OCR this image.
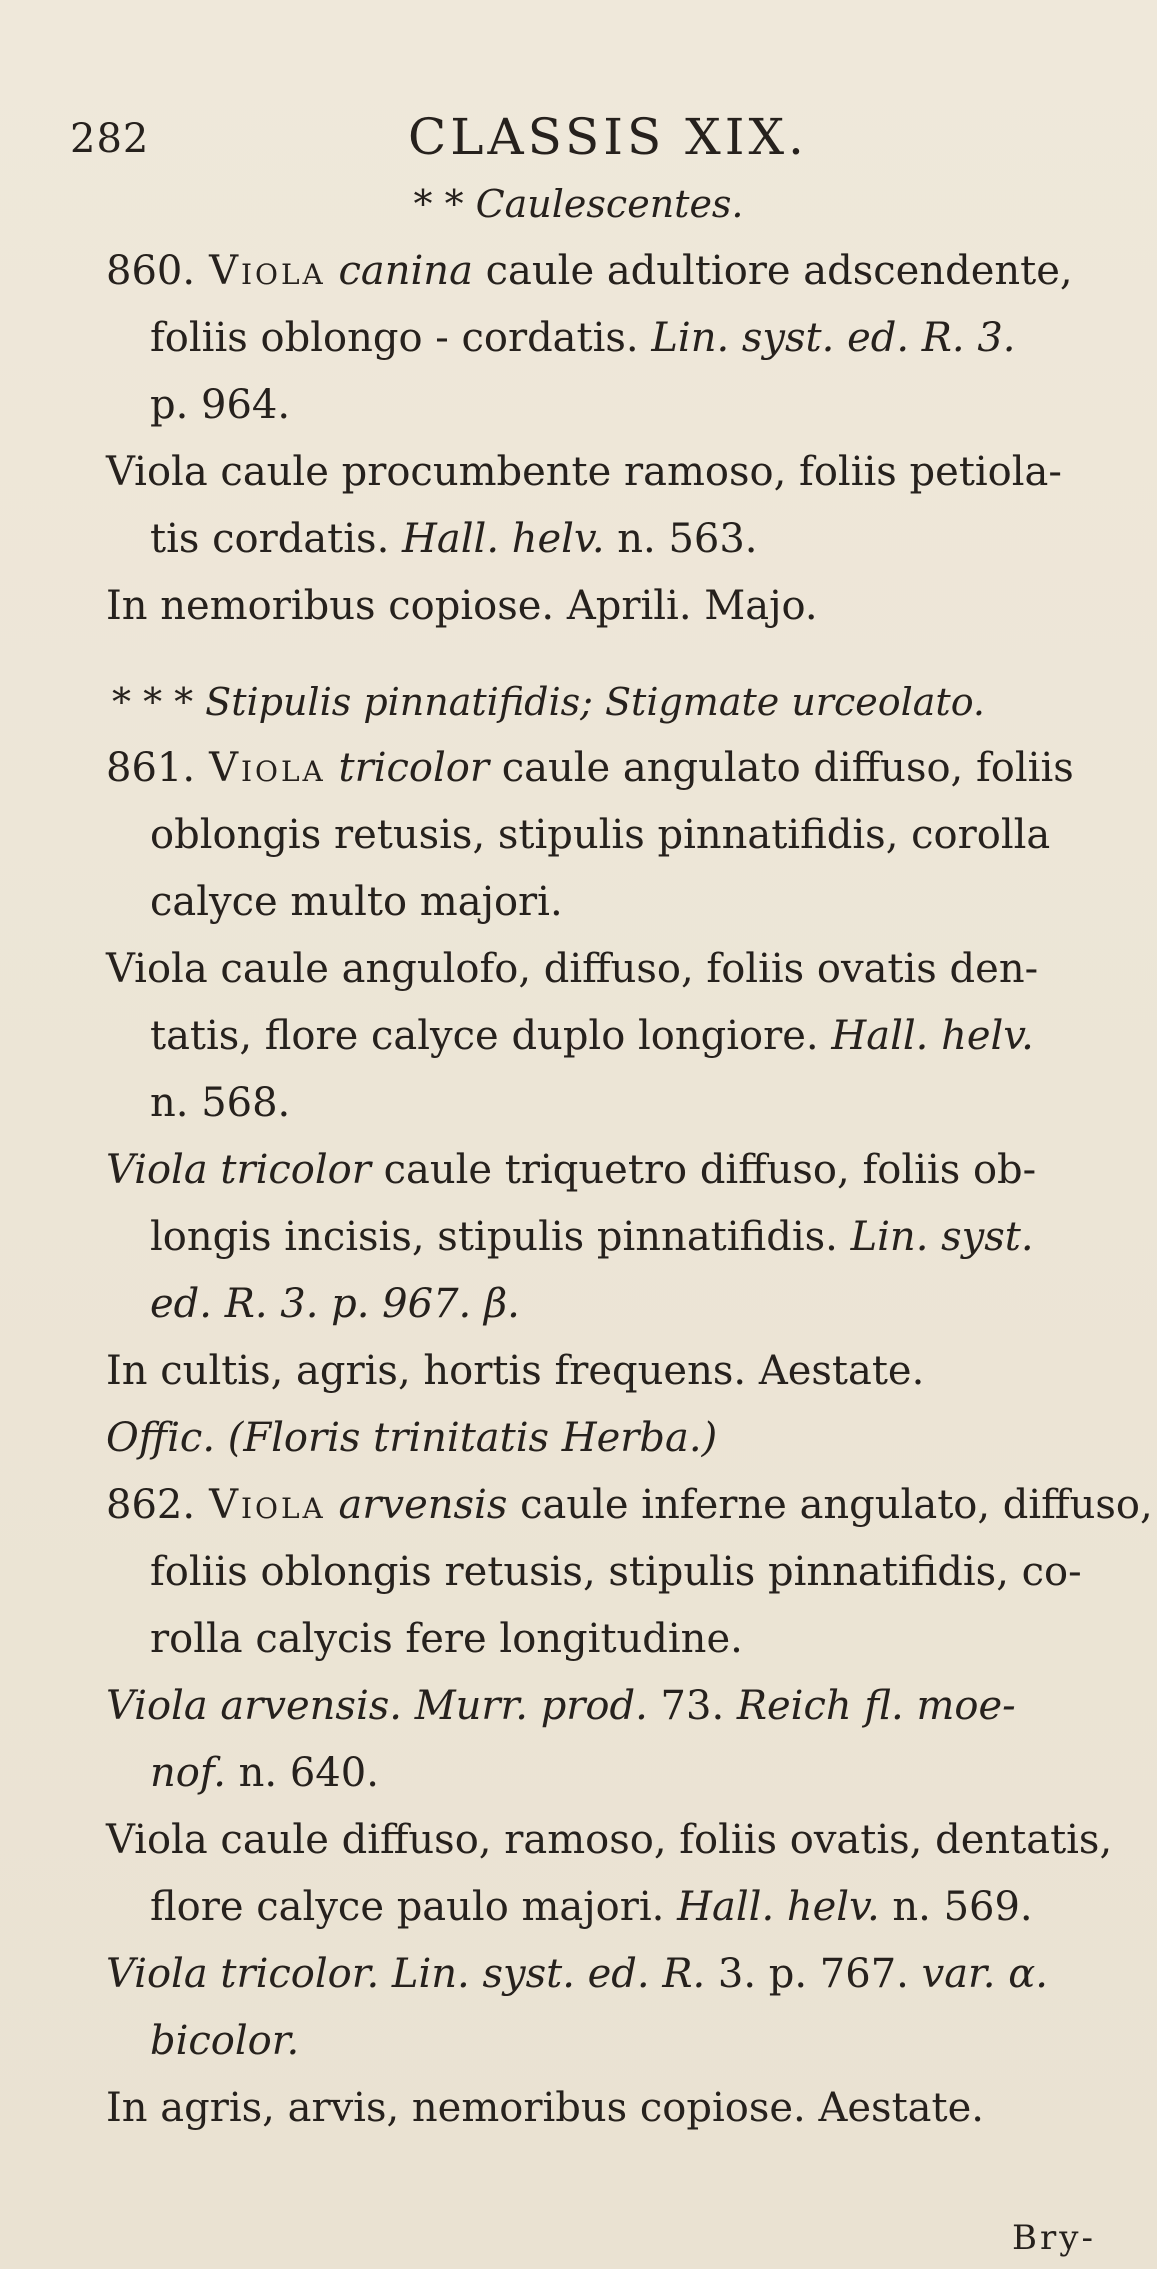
282	CLASSIS XIX.
* * Caulescentes.
860. Viola canina caule adultiore adscendente,
foliis oblongo - cordatis. Lin. syst. ed. R. 3.
p. 964.
Viola caule procumbente ramoso, foliis petiola-
tis cordatis. Hall. helv. n. 563.
In nemoribus copiose. Aprili. Majo.
* * * Stipulis pinnatifidis; Stigmate urceolato.
861. Viola tricolor caule angulato diffuso, foliis
oblongis retusis, stipulis pinnatifidis, corolla
calyce multo majori.
Viola caule angulofo, diffuso, foliis ovatis den-
tatis, flore calyce duplo longiore. Hall. helv.
n. 568.
Viola tricolor caule triquetro diffuso, foliis ob-
longis incisis, stipulis pinnatifidis. Lin. syst.
ed. R. 3. p. 967. β.
In cultis, agris, hortis frequens. Aestate.
Offic. (Floris trinitatis Herba.)
862. Viola arvensis caule inferne angulato, diffuso,
foliis oblongis retusis, stipulis pinnatifidis, co-
rolla calycis fere longitudine.
Viola arvensis. Murr. prod. 73. Reich fl. moe-
nof. n. 640.
Viola caule diffuso, ramoso, foliis ovatis, dentatis,
flore calyce paulo majori. Hall. helv. n. 569.
Viola tricolor. Lin. syst. ed. R. 3. p. 767. var. α.
bicolor.
In agris, arvis, nemoribus copiose. Aestate.
Bry-
